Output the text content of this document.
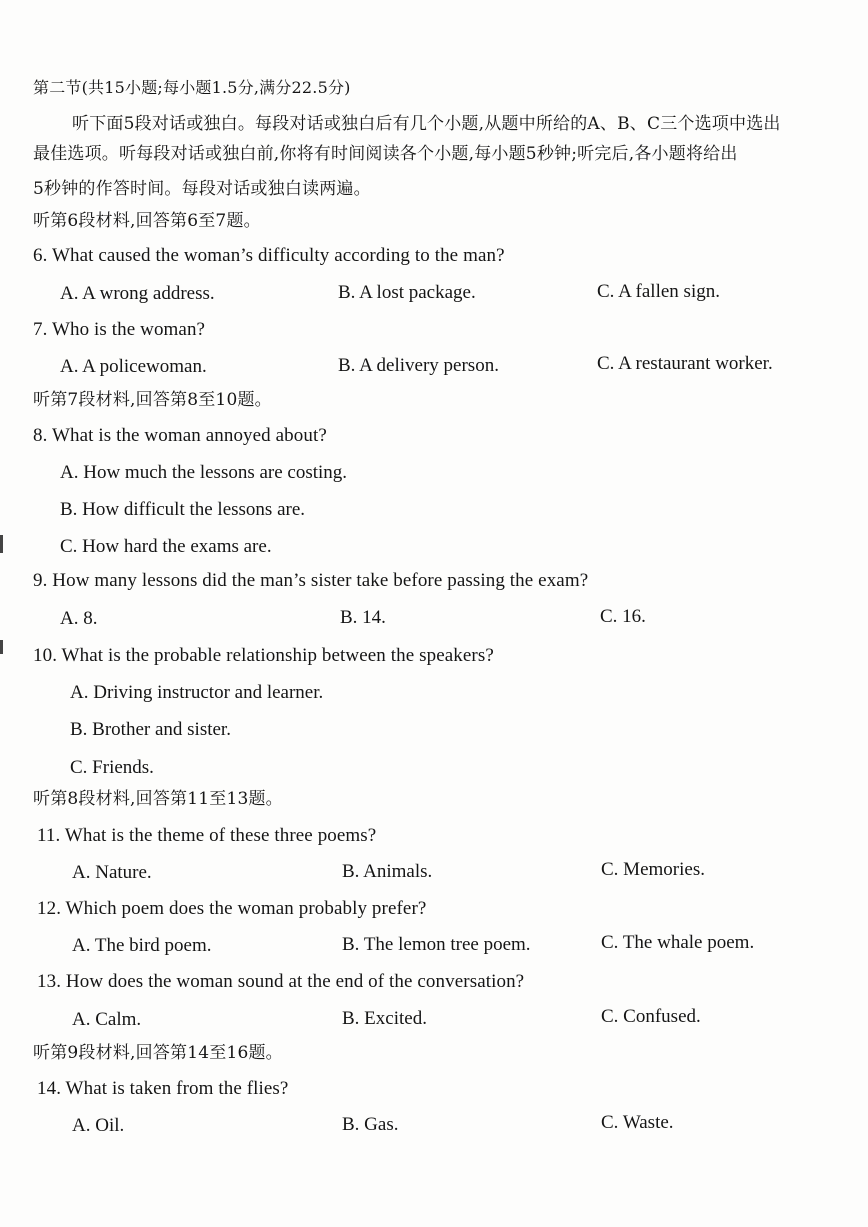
第二节(共15小题;每小题1.5分,满分22.5分)
听下面5段对话或独白。每段对话或独白后有几个小题,从题中所给的A、B、C三个选项中选出
最佳选项。听每段对话或独白前,你将有时间阅读各个小题,每小题5秒钟;听完后,各小题将给出
5秒钟的作答时间。每段对话或独白读两遍。
听第6段材料,回答第6至7题。
6. What caused the woman’s difficulty according to the man?
A. A wrong address.	B. A lost package.	C. A fallen sign.
7. Who is the woman?
A. A policewoman.	B. A delivery person.	C. A restaurant worker.
听第7段材料,回答第8至10题。
8. What is the woman annoyed about?
A. How much the lessons are costing.
B. How difficult the lessons are.
C. How hard the exams are.
9. How many lessons did the man’s sister take before passing the exam?
A. 8.	B. 14.	C. 16.
10. What is the probable relationship between the speakers?
A. Driving instructor and learner.
B. Brother and sister.
C. Friends.
听第8段材料,回答第11至13题。
11. What is the theme of these three poems?
A. Nature.	B. Animals.	C. Memories.
12. Which poem does the woman probably prefer?
A. The bird poem.	B. The lemon tree poem.	C. The whale poem.
13. How does the woman sound at the end of the conversation?
A. Calm.	B. Excited.	C. Confused.
听第9段材料,回答第14至16题。
14. What is taken from the flies?
A. Oil.	B. Gas.	C. Waste.
